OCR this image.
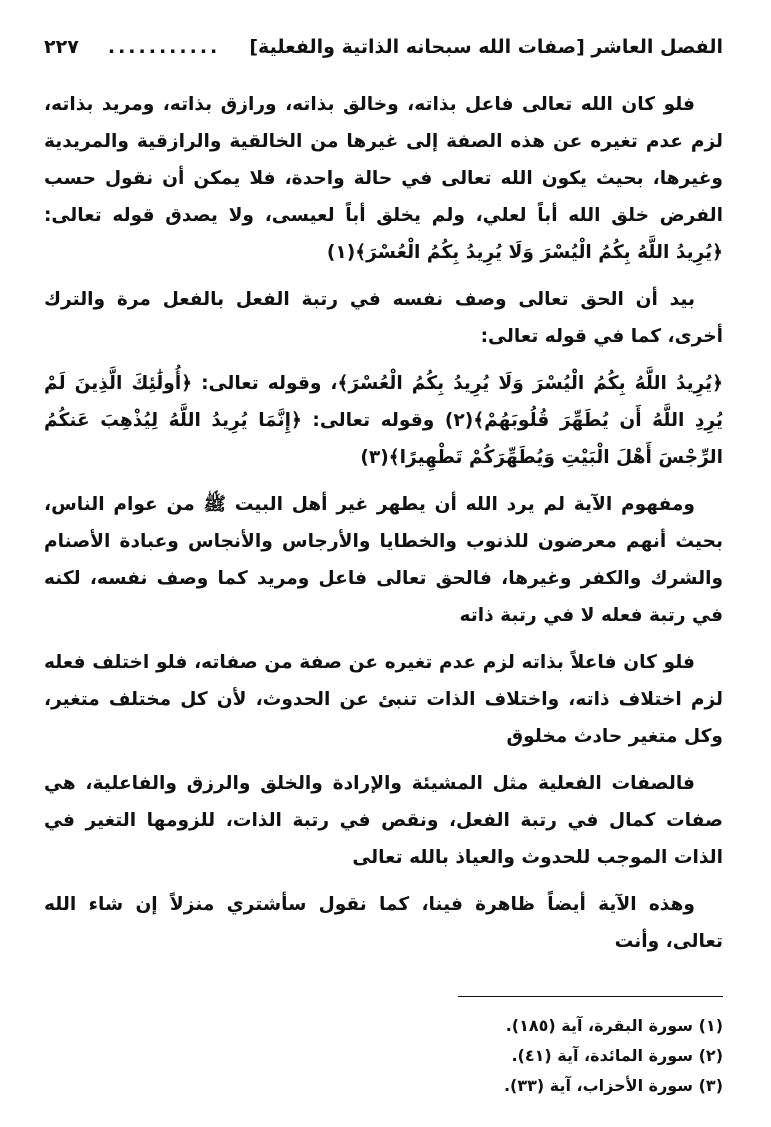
الفصل العاشر [صفات الله سبحانه الذاتية والفعلية]
...........
٢٢٧

فلو كان الله تعالى فاعل بذاته، وخالق بذاته، ورازق بذاته، ومريد بذاته، لزم عدم تغيره عن هذه الصفة إلى غيرها من الخالقية والرازقية والمريدية وغيرها، بحيث يكون الله تعالى في حالة واحدة، فلا يمكن أن نقول حسب الفرض خلق الله أباً لعلي، ولم يخلق أباً لعيسى، ولا يصدق قوله تعالى: ﴿يُرِيدُ اللَّهُ بِكُمُ الْيُسْرَ وَلَا يُرِيدُ بِكُمُ الْعُسْرَ﴾(١)

بيد أن الحق تعالى وصف نفسه في رتبة الفعل بالفعل مرة والترك أخرى، كما في قوله تعالى:

﴿يُرِيدُ اللَّهُ بِكُمُ الْيُسْرَ وَلَا يُرِيدُ بِكُمُ الْعُسْرَ﴾، وقوله تعالى: ﴿أُولَٰئِكَ الَّذِينَ لَمْ يُرِدِ اللَّهُ أَن يُطَهِّرَ قُلُوبَهُمْ﴾(٢) وقوله تعالى: ﴿إِنَّمَا يُرِيدُ اللَّهُ لِيُذْهِبَ عَنكُمُ الرِّجْسَ أَهْلَ الْبَيْتِ وَيُطَهِّرَكُمْ تَطْهِيرًا﴾(٣)

ومفهوم الآية لم يرد الله أن يطهر غير أهل البيت ﷺ من عوام الناس، بحيث أنهم معرضون للذنوب والخطايا والأرجاس والأنجاس وعبادة الأصنام والشرك والكفر وغيرها، فالحق تعالى فاعل ومريد كما وصف نفسه، لكنه في رتبة فعله لا في رتبة ذاته

فلو كان فاعلاً بذاته لزم عدم تغيره عن صفة من صفاته، فلو اختلف فعله لزم اختلاف ذاته، واختلاف الذات تنبئ عن الحدوث، لأن كل مختلف متغير، وكل متغير حادث مخلوق

فالصفات الفعلية مثل المشيئة والإرادة والخلق والرزق والفاعلية، هي صفات كمال في رتبة الفعل، ونقص في رتبة الذات، للزومها التغير في الذات الموجب للحدوث والعياذ بالله تعالى

وهذه الآية أيضاً ظاهرة فينا، كما نقول سأشتري منزلاً إن شاء الله تعالى، وأنت

(١) سورة البقرة، آية (١٨٥).

(٢) سورة المائدة، آية (٤١).

(٣) سورة الأحزاب، آية (٣٣).
